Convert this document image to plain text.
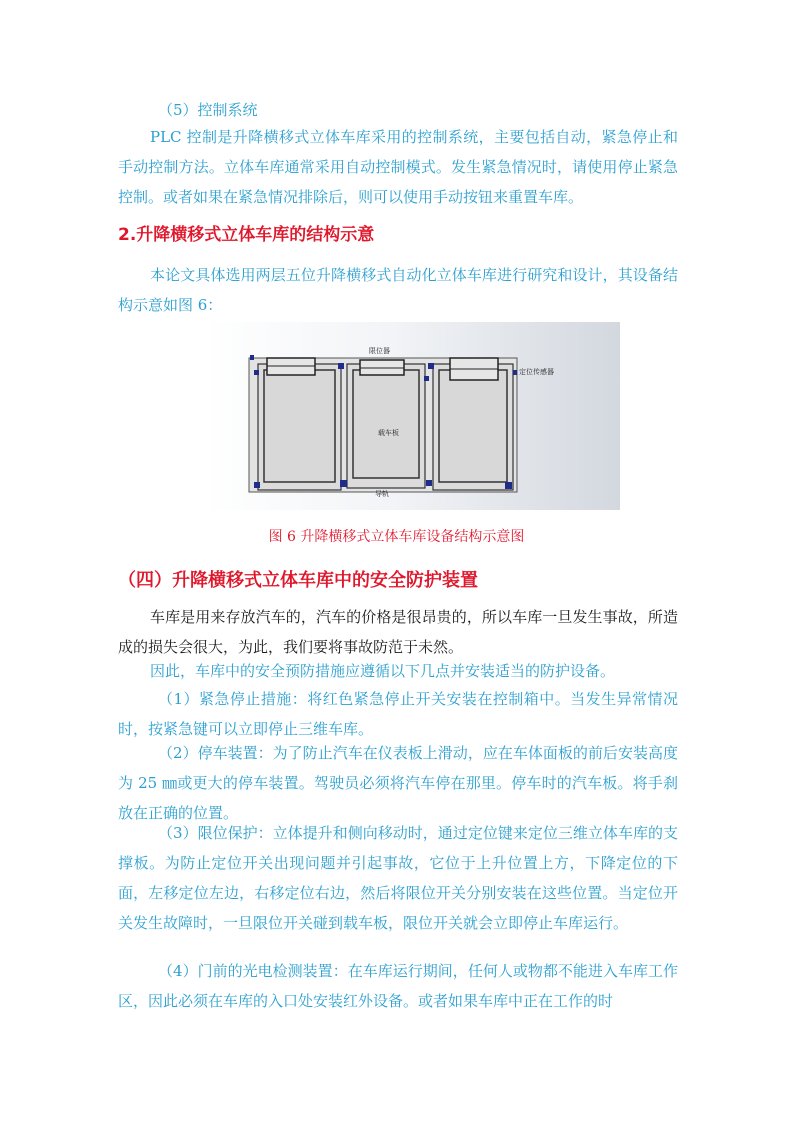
（5）控制系统

PLC 控制是升降横移式立体车库采用的控制系统，主要包括自动，紧急停止和手动控制方法。立体车库通常采用自动控制模式。发生紧急情况时，请使用停止紧急控制。或者如果在紧急情况排除后，则可以使用手动按钮来重置车库。

2.升降横移式立体车库的结构示意

本论文具体选用两层五位升降横移式自动化立体车库进行研究和设计，其设备结构示意如图 6：

限位器
定位传感器
载车板
导轨

图 6 升降横移式立体车库设备结构示意图

（四）升降横移式立体车库中的安全防护装置

车库是用来存放汽车的，汽车的价格是很昂贵的，所以车库一旦发生事故，所造成的损失会很大，为此，我们要将事故防范于未然。

因此，车库中的安全预防措施应遵循以下几点并安装适当的防护设备。

（1）紧急停止措施：将红色紧急停止开关安装在控制箱中。当发生异常情况时，按紧急键可以立即停止三维车库。

（2）停车装置：为了防止汽车在仪表板上滑动，应在车体面板的前后安装高度为 25 ㎜或更大的停车装置。驾驶员必须将汽车停在那里。停车时的汽车板。将手刹放在正确的位置。

（3）限位保护：立体提升和侧向移动时，通过定位键来定位三维立体车库的支撑板。为防止定位开关出现问题并引起事故，它位于上升位置上方，下降定位的下面，左移定位左边，右移定位右边，然后将限位开关分别安装在这些位置。当定位开关发生故障时，一旦限位开关碰到载车板，限位开关就会立即停止车库运行。

（4）门前的光电检测装置：在车库运行期间，任何人或物都不能进入车库工作区，因此必须在车库的入口处安装红外设备。或者如果车库中正在工作的时
